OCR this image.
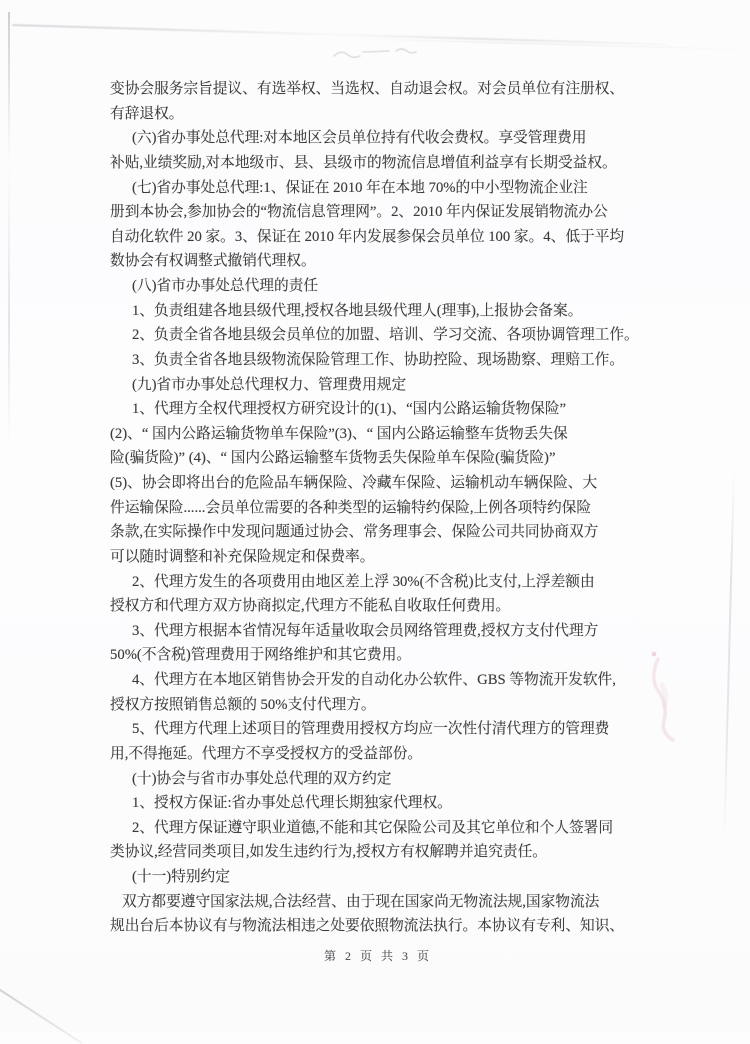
变协会服务宗旨提议、有选举权、当选权、自动退会权。对会员单位有注册权、
有辞退权。
(六)省办事处总代理:对本地区会员单位持有代收会费权。享受管理费用
补贴,业绩奖励,对本地级市、县、县级市的物流信息增值利益享有长期受益权。
(七)省办事处总代理:1、保证在 2010 年在本地 70%的中小型物流企业注
册到本协会,参加协会的“物流信息管理网”。2、2010 年内保证发展销物流办公
自动化软件 20 家。3、保证在 2010 年内发展参保会员单位 100 家。4、低于平均
数协会有权调整式撤销代理权。
(八)省市办事处总代理的责任
1、负责组建各地县级代理,授权各地县级代理人(理事),上报协会备案。
2、负责全省各地县级会员单位的加盟、培训、学习交流、各项协调管理工作。
3、负责全省各地县级物流保险管理工作、协助控险、现场勘察、理赔工作。
(九)省市办事处总代理权力、管理费用规定
1、代理方全权代理授权方研究设计的(1)、“国内公路运输货物保险”
(2)、“ 国内公路运输货物单车保险”(3)、“ 国内公路运输整车货物丢失保
险(骗货险)” (4)、“ 国内公路运输整车货物丢失保险单车保险(骗货险)”
(5)、协会即将出台的危险品车辆保险、冷藏车保险、运输机动车辆保险、大
件运输保险......会员单位需要的各种类型的运输特约保险,上例各项特约保险
条款,在实际操作中发现问题通过协会、常务理事会、保险公司共同协商双方
可以随时调整和补充保险规定和保费率。
2、代理方发生的各项费用由地区差上浮 30%(不含税)比支付,上浮差额由
授权方和代理方双方协商拟定,代理方不能私自收取任何费用。
3、代理方根据本省情况每年适量收取会员网络管理费,授权方支付代理方
50%(不含税)管理费用于网络维护和其它费用。
4、代理方在本地区销售协会开发的自动化办公软件、GBS 等物流开发软件,
授权方按照销售总额的 50%支付代理方。
5、代理方代理上述项目的管理费用授权方均应一次性付清代理方的管理费
用,不得拖延。代理方不享受授权方的受益部份。
(十)协会与省市办事处总代理的双方约定
1、授权方保证:省办事处总代理长期独家代理权。
2、代理方保证遵守职业道德,不能和其它保险公司及其它单位和个人签署同
类协议,经营同类项目,如发生违约行为,授权方有权解聘并追究责任。
(十一)特别约定
双方都要遵守国家法规,合法经营、由于现在国家尚无物流法规,国家物流法
规出台后本协议有与物流法相违之处要依照物流法执行。本协议有专利、知识、
第 2 页 共 3 页
